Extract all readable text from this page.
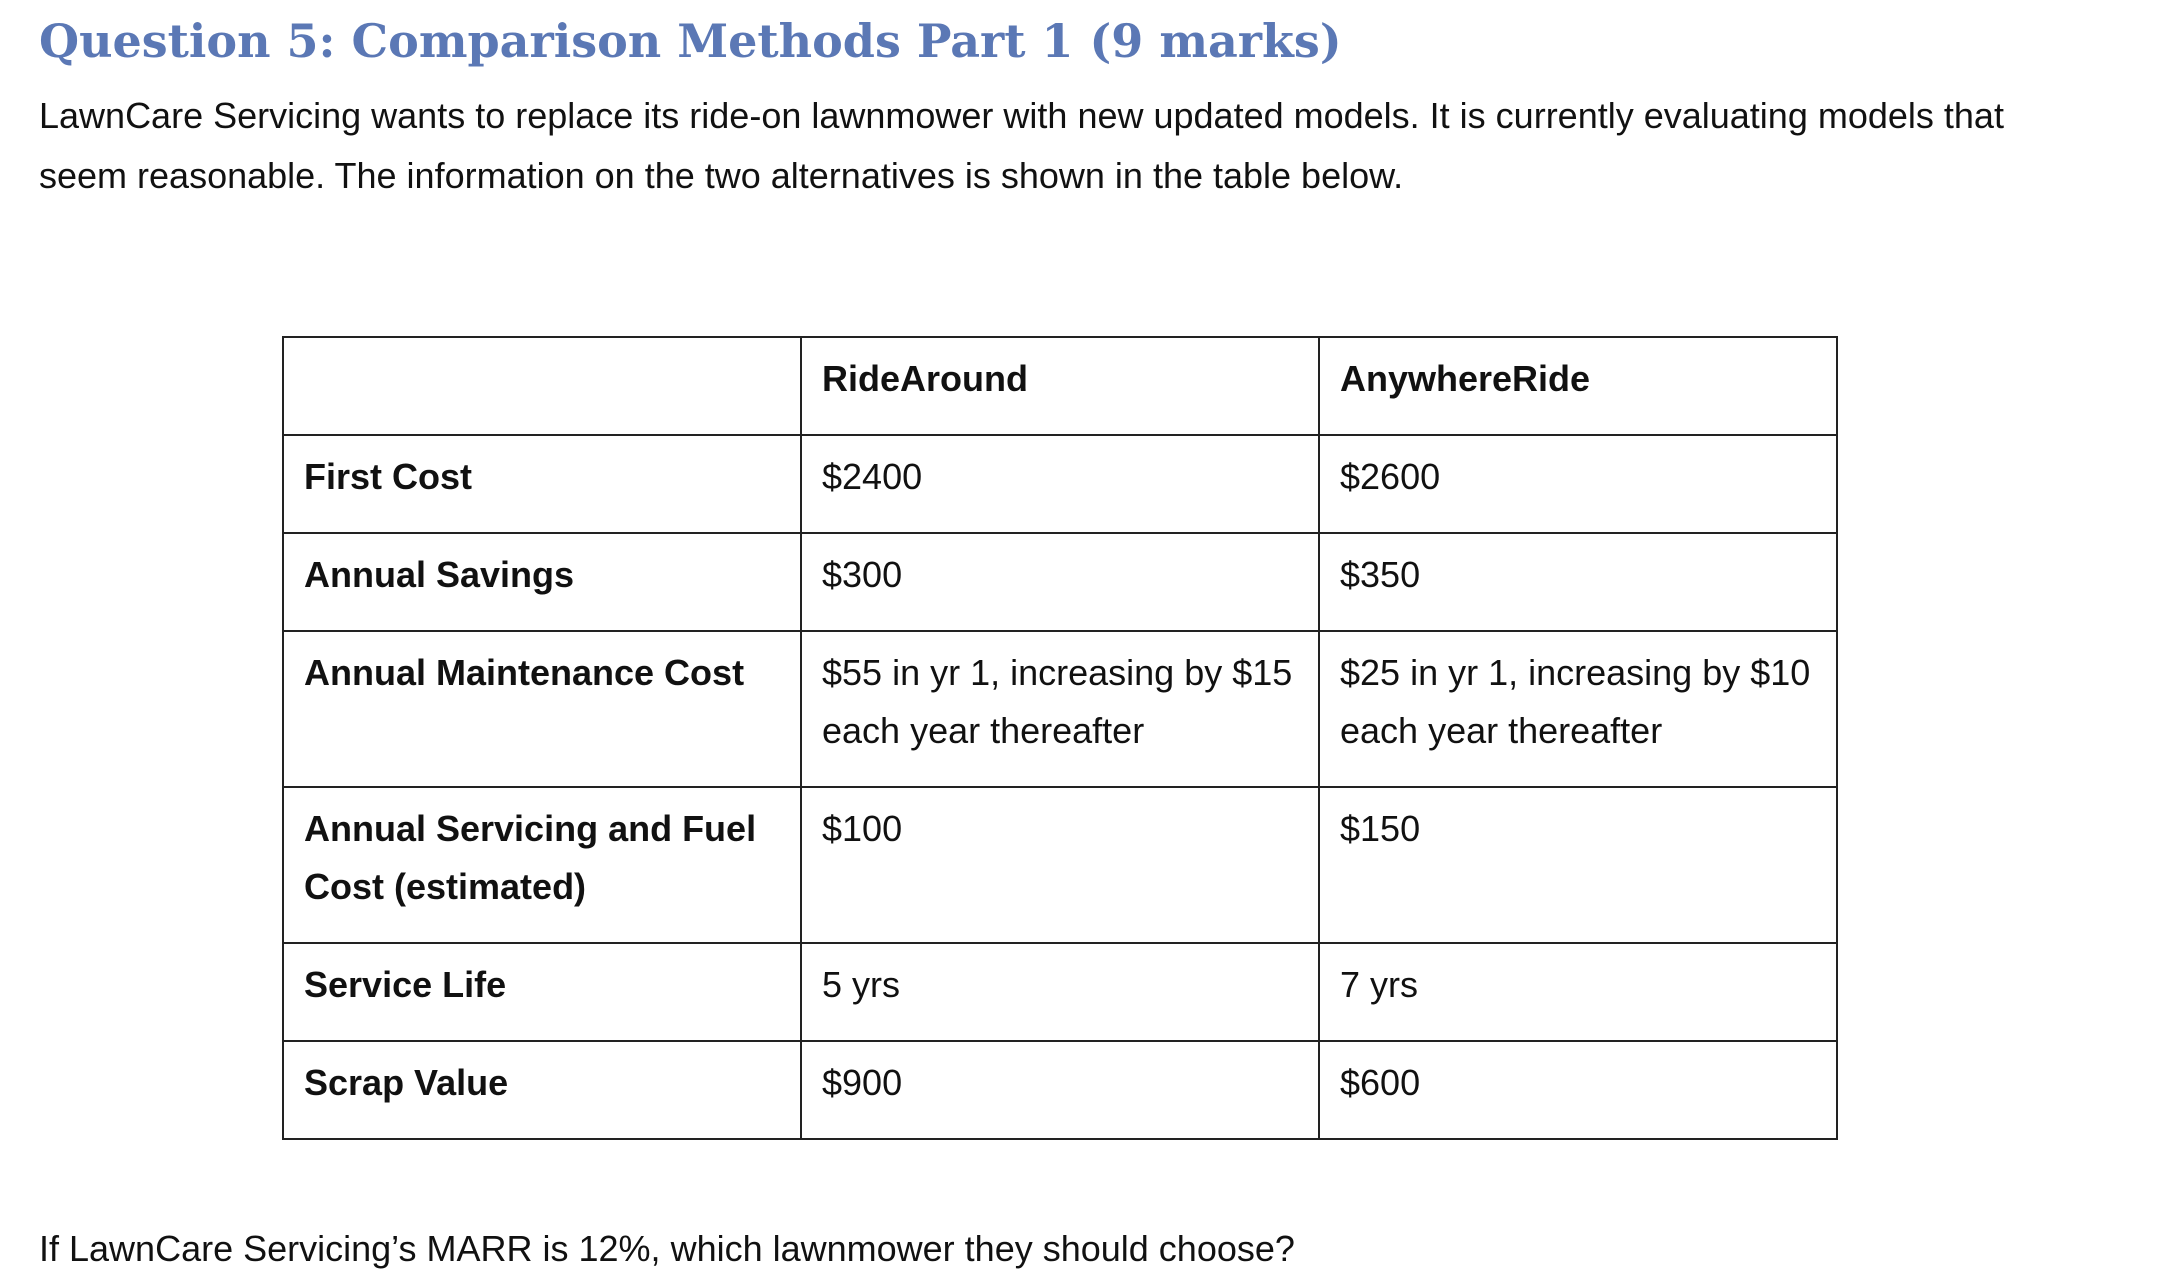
Question 5: Comparison Methods Part 1 (9 marks)

LawnCare Servicing wants to replace its ride-on lawnmower with new updated models. It is currently evaluating models that seem reasonable. The information on the two alternatives is shown in the table below.

	RideAround	AnywhereRide
First Cost	$2400	$2600
Annual Savings	$300	$350
Annual Maintenance Cost	$55 in yr 1, increasing by $15 each year thereafter	$25 in yr 1, increasing by $10 each year thereafter
Annual Servicing and Fuel Cost (estimated)	$100	$150
Service Life	5 yrs	7 yrs
Scrap Value	$900	$600

If LawnCare Servicing’s MARR is 12%, which lawnmower they should choose?
